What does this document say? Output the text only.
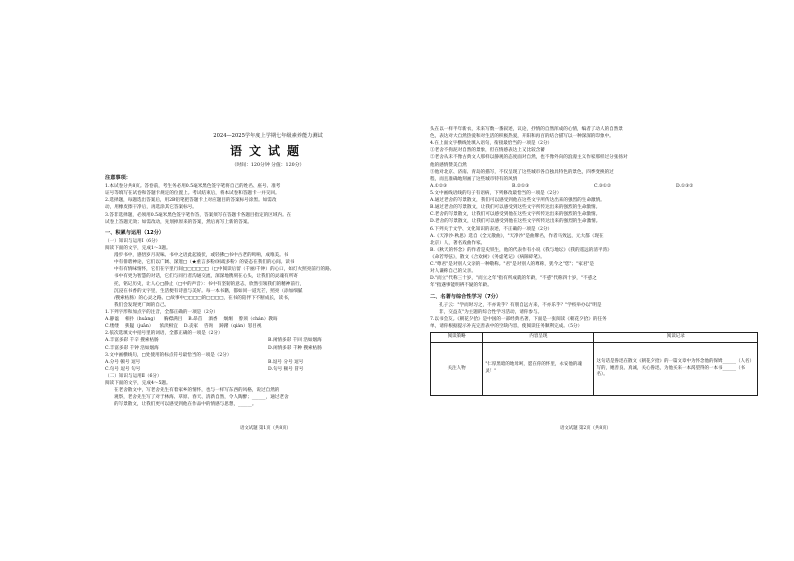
2024—2025学年度上学期七年级素养能力测试
语文试题
（时间：120分钟 分值：120分）
注意事项：
1.本试卷分共8页。答卷前，考生务必用0.5毫米黑色签字笔将自己的姓名、座号、准考
证号等填写在试卷和答题卡规定的位置上。考试结束后，将本试卷和答题卡一并交回。
2.选择题，每题选出答案后，用2B铅笔把答题卡上对应题目的答案标号涂黑。如需改
动，用橡皮擦干净后，再选涂其它答案标号。
3.答非选择题，必须用0.5毫米黑色签字笔作答，答案须写在答题卡各题目指定的区域内。在
试卷上答题无效；如需改动，先划掉原来的答案，然后再写上新的答案。
一、积累与运用（12分）
（一）知识与运用Ⅰ（6分）
阅读下面的文字，完成1～3题。
漫步书中，感悟岁月况味。书中之语此起彼伏，或轻拂□书中古老的鸣响，成唯美。书
中有俳谐神论，它们以广阔、深邃□（★重言多粉/闲疏多粉）的姿态在我们的心间。读书
中有有情味情怀，它们在字里行间□□□□□□（□中阅读后留（千丽/千钟）的心口，如灯火照亮前行的路。
书中有更为智慧的对话，它们与同行者沟通交流，深深地镌刻在心头，让我们的灵魂有所寄
托，铭记历史，让人心□静止（□中的声音）：书中有坚韧的意志，欣然引领我们的精神前行，
沉浸在书香的文字里，生活便有诗意与美好。每一本书籍，都如同一道光芒，照亮（添加细腻
/搜索枯肠）的心灵之路。□故事中□□□□的□□□□，在书的陪伴下不断成长，读书，
我们会发现更广阔的自己。
1.下列字形和加点字的注音，全都正确的一项是（2分）
A.静谧 相扑（huàng） 胸襟满目 B.昂首 酒香 炯炯 脖颈（chán）教诲
C.缕缕 狭隘（juān） 浓淡相宜 D.丧家 咨询 踌躇（qián）怒目视
2.依次选填文中括号里的词语，全都正确的一项是（2分）
A.丰富多彩 千辛 搜索枯肠	B.闲情多彩 千回 浩如烟海
C.丰富多彩 千钟 浩如烟海	D.闲情多彩 千种 搜索枯肠
3.文中画横线句，□处使用的标点符号最恰当的一项是（2分）
A.分号 顿号 逗号	B.逗号 分号 逗号
C.句号 逗号 句号	D.句号 顿号 冒号
（二）知识与运用Ⅱ（6分）
阅读下面的文字，完成4～5题。
在老舍散文中，写老舍先生有着家乡的情怀，也与一样写东西的风格，说过自然的
观察，老舍先生写了对于林海、草原、春天、清新自然，令人陶醉；______，通过老舍
的写景散文，让我们更可以感受到他在作品中的情感与思想，______。
语文试题 第1页（共8页）
头在以一样半年新衣，未来写数一番叙述，议论，抒情的自然浑成的心情，编者了动人的自然景
色，表达对大自然热爱和对生活的积极热爱，开阳和再百的结合描写以一种深深的印象中。
4.在上面文字横线处填入语句，衔接最恰当的一项是（2分）
①老舍不拘泥对自然的景象，但在情感表达上又比较含蓄
②老舍从未不像古典文人那样以静观的态度面对自然，也不像外向的浪漫主义作家那样过分张扬对
他的感情赞美自然
③他对北京、济南、青岛的描写，不仅呈现了这些城市各自独具特色的景色，四季变换的过
程，而且准确地刻画了这些城市特有的风情
A.①②③	B.②①③	C.③①②	D.①③②
5.文中画线语线的句子有语病，下列修改最恰当的一项是（2分）
A.通过老舍的写景散文，我们可以感受到他在这些文字所传达出来的强烈的生命激情。
B.通过老舍的写景散文，让我们可以感受到这些文字所传达出来的强烈的生命激情。
C.老舍的写景散文，让我们可以感受到他在这些文字所传达出来的强烈的生命激情。
D.老舍的写景散文，让我们可以感受到他在这些文字所传达出来的强烈的生命激情。
6.下列关于文学、文化知识的表述，不正确的一项是（2分）
A.《天净沙·秋思》选自《全元散曲》，"天净沙"是曲牌名，作者马致远，元大都（现在
北京）人，著名戏曲作家。
B.《秋天的怀念》的作者是史铁生，他的代表作有小说《我与地坛》《我的遥远的清平湾》
《命若琴弦》，散文《合欢树》《务虚笔记》《病隙碎笔》。
C."尊君"是对别人父亲的一种敬称。"君"是对别人的尊称，犹今之"您"；"家君"是
对人谦称自己的父亲。
D."而立"代称三十岁，"而立之年"指有所成就的年龄，"不惑"代称四十岁，"不惑之
年"指遇事能明辨不疑的年龄。
二、名著与综合性学习（7分）
孔子云："学而时习之，不亦说乎？有朋自远方来，不亦乐乎？"学校举办以"明是
非，交益友"为主题的综合性学习活动，请你参与。
7.以书会友。《朝花夕拾》是中国的一部经典名著，下面是一张阅读《朝花夕拾》的任务
单，请你根据提示补充完善表中的空缺内容，使阅读任务顺利完成。（5分）
阅读策略	内容呈现	阅读记录
关注人物	"仁厚黑暗的地母呵，愿在你的怀里，永安他的魂灵！"	这句话是鲁迅在散文《朝花夕拾》的一篇文章中为怀念他的保姆______（人名）写的，她善良、真诚，关心鲁迅，为他买来一本渴望得的一本书______（书名）。
语文试题 第2页（共8页）
